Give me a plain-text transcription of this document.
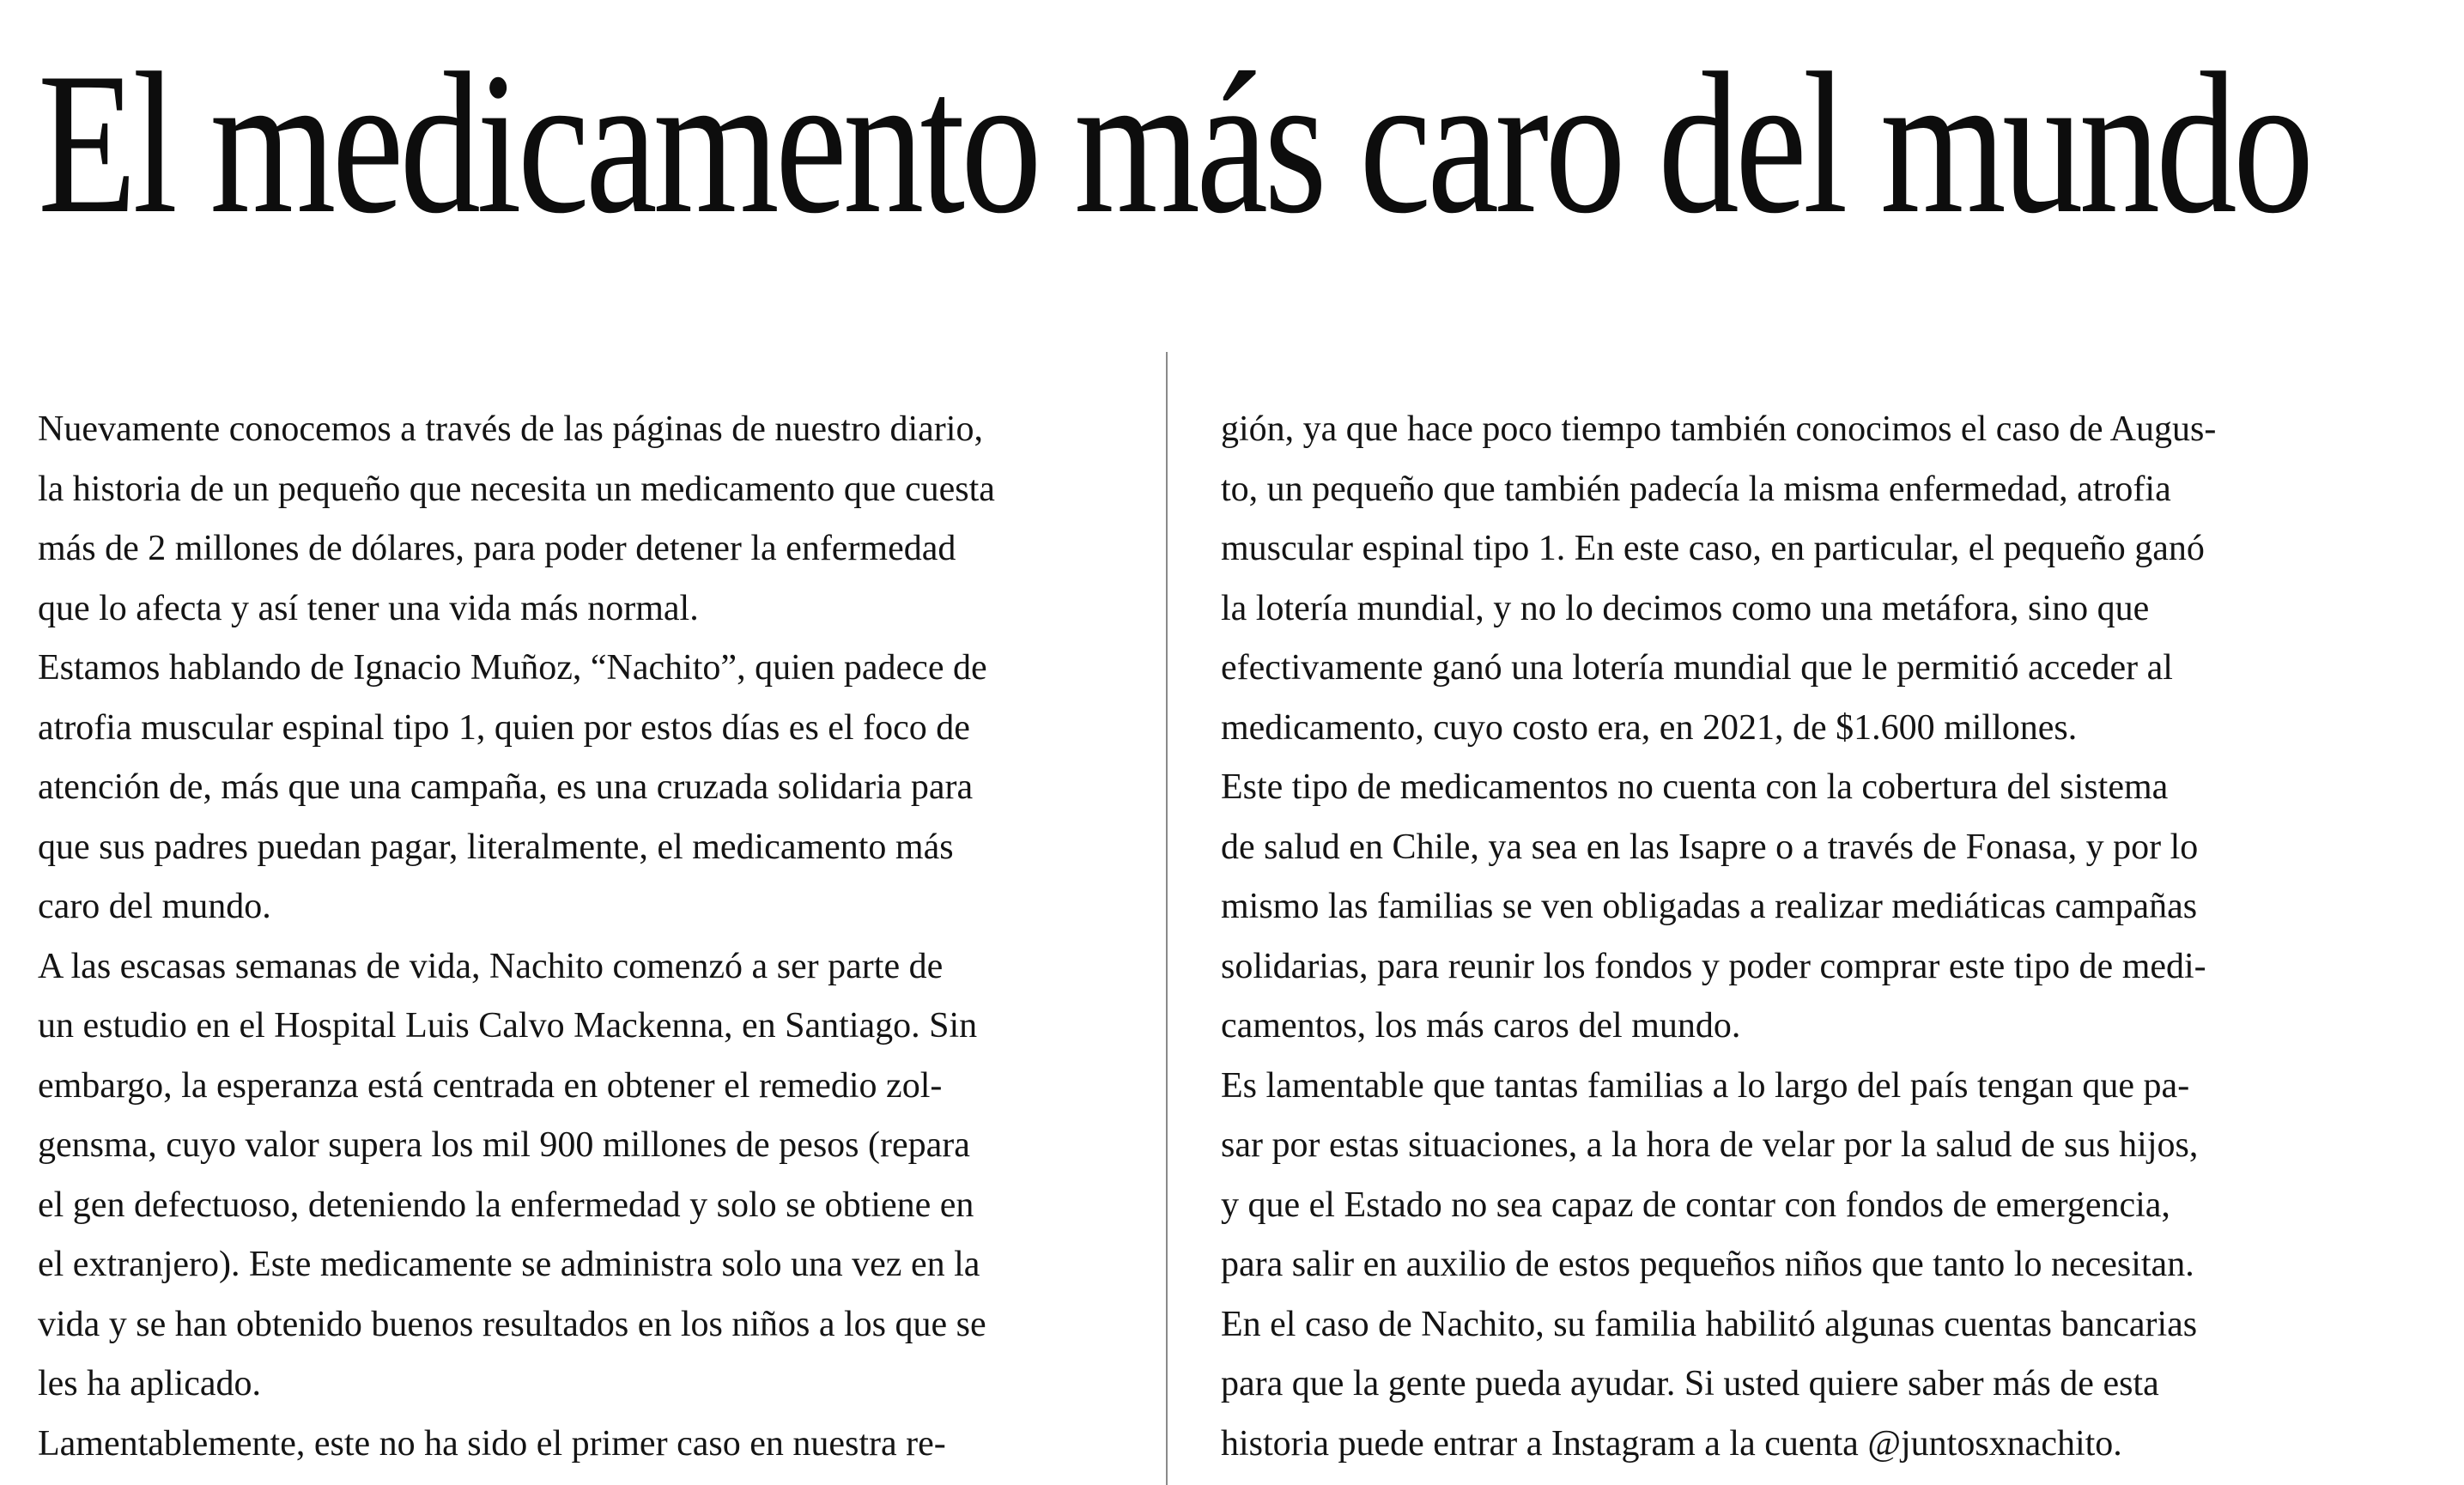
El medicamento más caro del mundo
Nuevamente conocemos a través de las páginas de nuestro diario,
la historia de un pequeño que necesita un medicamento que cuesta
más de 2 millones de dólares, para poder detener la enfermedad
que lo afecta y así tener una vida más normal.
Estamos hablando de Ignacio Muñoz, “Nachito”, quien padece de
atrofia muscular espinal tipo 1, quien por estos días es el foco de
atención de, más que una campaña, es una cruzada solidaria para
que sus padres puedan pagar, literalmente, el medicamento más
caro del mundo.
A las escasas semanas de vida, Nachito comenzó a ser parte de
un estudio en el Hospital Luis Calvo Mackenna, en Santiago. Sin
embargo, la esperanza está centrada en obtener el remedio zol-
gensma, cuyo valor supera los mil 900 millones de pesos (repara
el gen defectuoso, deteniendo la enfermedad y solo se obtiene en
el extranjero). Este medicamente se administra solo una vez en la
vida y se han obtenido buenos resultados en los niños a los que se
les ha aplicado.
Lamentablemente, este no ha sido el primer caso en nuestra re-
gión, ya que hace poco tiempo también conocimos el caso de Augus-
to, un pequeño que también padecía la misma enfermedad, atrofia
muscular espinal tipo 1. En este caso, en particular, el pequeño ganó
la lotería mundial, y no lo decimos como una metáfora, sino que
efectivamente ganó una lotería mundial que le permitió acceder al
medicamento, cuyo costo era, en 2021, de $1.600 millones.
Este tipo de medicamentos no cuenta con la cobertura del sistema
de salud en Chile, ya sea en las Isapre o a través de Fonasa, y por lo
mismo las familias se ven obligadas a realizar mediáticas campañas
solidarias, para reunir los fondos y poder comprar este tipo de medi-
camentos, los más caros del mundo.
Es lamentable que tantas familias a lo largo del país tengan que pa-
sar por estas situaciones, a la hora de velar por la salud de sus hijos,
y que el Estado no sea capaz de contar con fondos de emergencia,
para salir en auxilio de estos pequeños niños que tanto lo necesitan.
En el caso de Nachito, su familia habilitó algunas cuentas bancarias
para que la gente pueda ayudar. Si usted quiere saber más de esta
historia puede entrar a Instagram a la cuenta @juntosxnachito.
